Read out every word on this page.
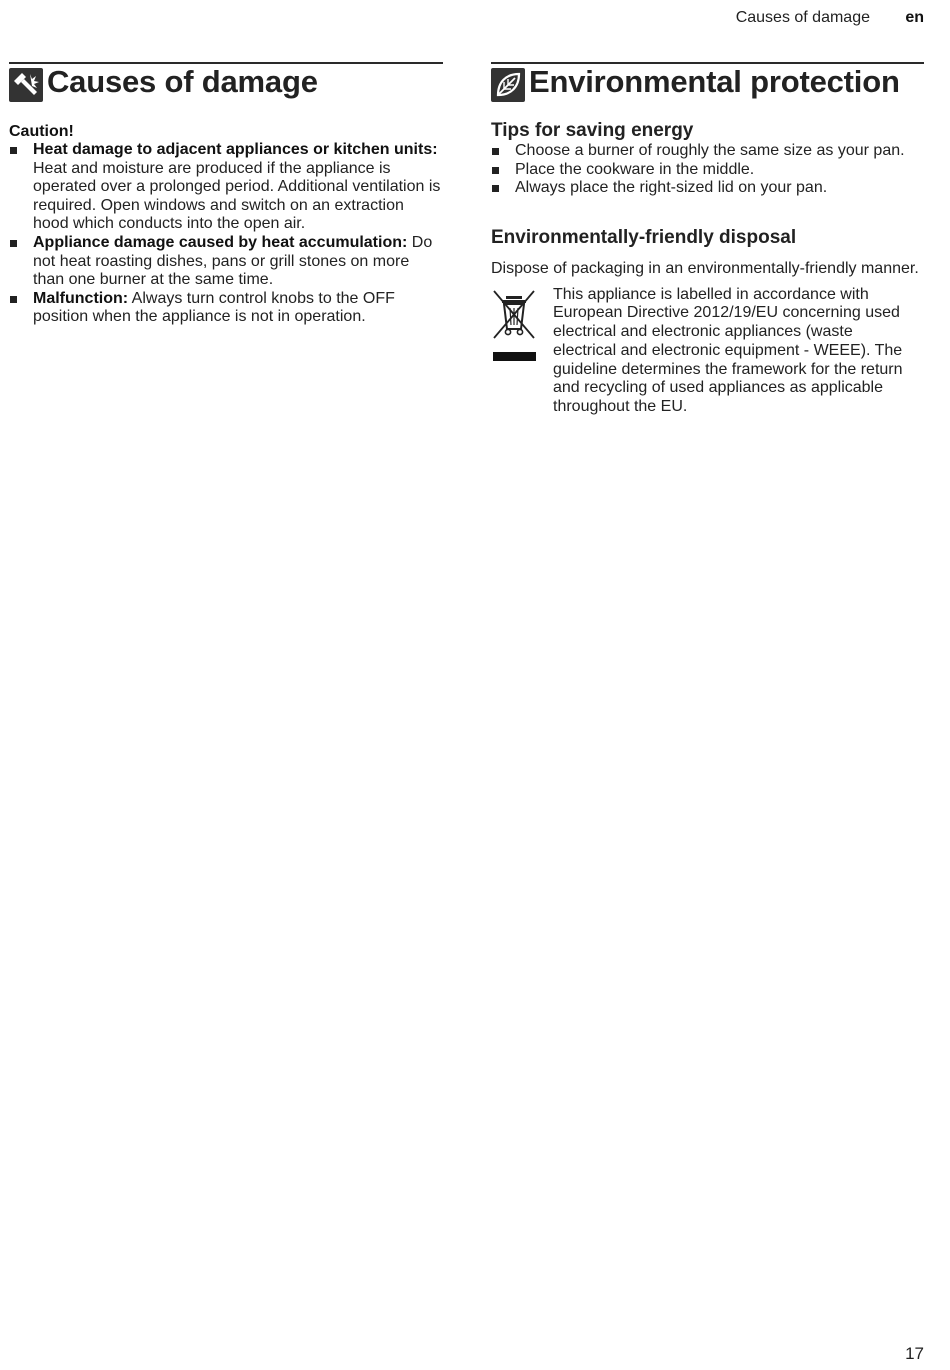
Causes of damage en
Causes of damage
Caution!
Heat damage to adjacent appliances or kitchen units: Heat and moisture are produced if the appliance is operated over a prolonged period. Additional ventilation is required. Open windows and switch on an extraction hood which conducts into the open air.
Appliance damage caused by heat accumulation: Do not heat roasting dishes, pans or grill stones on more than one burner at the same time.
Malfunction: Always turn control knobs to the OFF position when the appliance is not in operation.
Environmental protection
Tips for saving energy
Choose a burner of roughly the same size as your pan.
Place the cookware in the middle.
Always place the right-sized lid on your pan.
Environmentally-friendly disposal
Dispose of packaging in an environmentally-friendly manner.
This appliance is labelled in accordance with European Directive 2012/19/EU concerning used electrical and electronic appliances (waste electrical and electronic equipment - WEEE). The guideline determines the framework for the return and recycling of used appliances as applicable throughout the EU.
17
